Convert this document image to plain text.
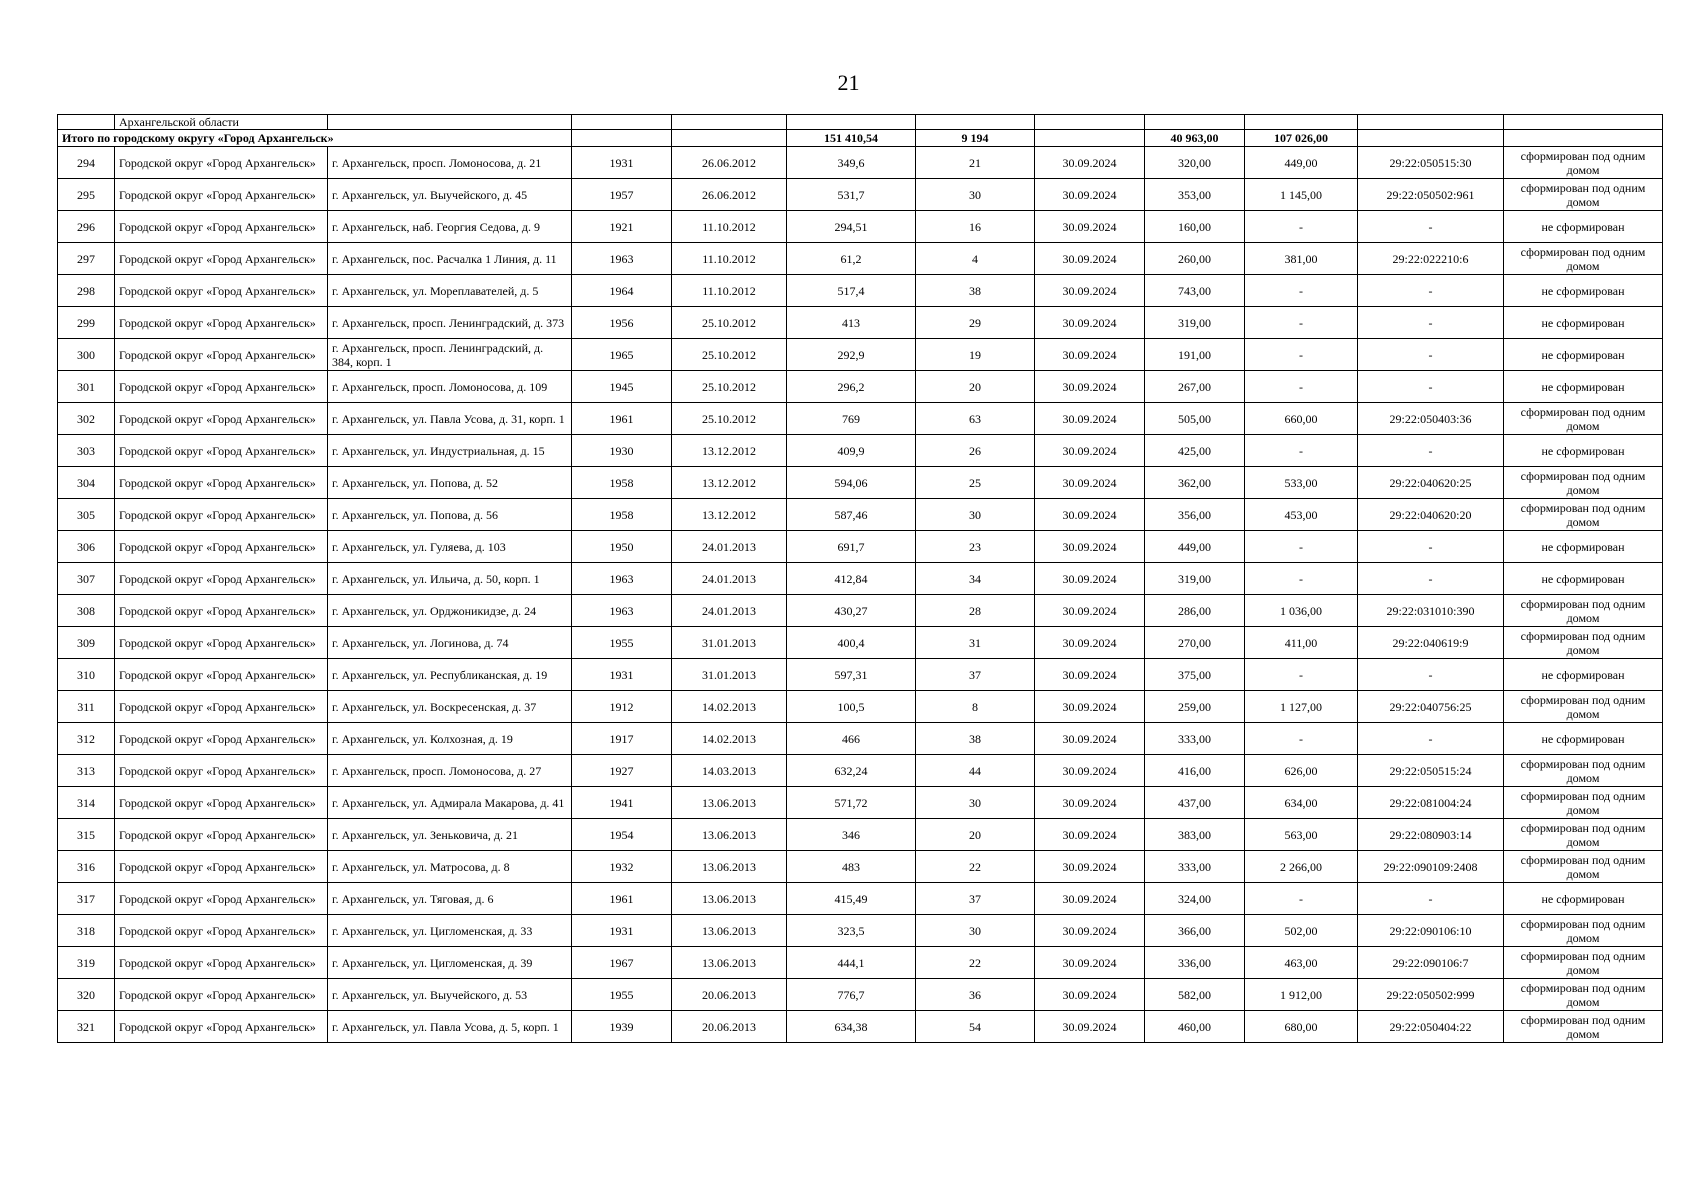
21
	Архангельской области										
Итого по городскому округу «Город Архангельск»					151 410,54	9 194		40 963,00	107 026,00		
294	Городской округ «Город Архангельск»	г. Архангельск, просп. Ломоносова, д. 21	1931	26.06.2012	349,6	21	30.09.2024	320,00	449,00	29:22:050515:30	сформирован под одним домом
295	Городской округ «Город Архангельск»	г. Архангельск, ул. Выучейского, д. 45	1957	26.06.2012	531,7	30	30.09.2024	353,00	1 145,00	29:22:050502:961	сформирован под одним домом
296	Городской округ «Город Архангельск»	г. Архангельск, наб. Георгия Седова, д. 9	1921	11.10.2012	294,51	16	30.09.2024	160,00	-	-	не сформирован
297	Городской округ «Город Архангельск»	г. Архангельск, пос. Расчалка 1 Линия, д. 11	1963	11.10.2012	61,2	4	30.09.2024	260,00	381,00	29:22:022210:6	сформирован под одним домом
298	Городской округ «Город Архангельск»	г. Архангельск, ул. Мореплавателей, д. 5	1964	11.10.2012	517,4	38	30.09.2024	743,00	-	-	не сформирован
299	Городской округ «Город Архангельск»	г. Архангельск, просп. Ленинградский, д. 373	1956	25.10.2012	413	29	30.09.2024	319,00	-	-	не сформирован
300	Городской округ «Город Архангельск»	г. Архангельск, просп. Ленинградский, д. 384, корп. 1	1965	25.10.2012	292,9	19	30.09.2024	191,00	-	-	не сформирован
301	Городской округ «Город Архангельск»	г. Архангельск, просп. Ломоносова, д. 109	1945	25.10.2012	296,2	20	30.09.2024	267,00	-	-	не сформирован
302	Городской округ «Город Архангельск»	г. Архангельск, ул. Павла Усова, д. 31, корп. 1	1961	25.10.2012	769	63	30.09.2024	505,00	660,00	29:22:050403:36	сформирован под одним домом
303	Городской округ «Город Архангельск»	г. Архангельск, ул. Индустриальная, д. 15	1930	13.12.2012	409,9	26	30.09.2024	425,00	-	-	не сформирован
304	Городской округ «Город Архангельск»	г. Архангельск, ул. Попова, д. 52	1958	13.12.2012	594,06	25	30.09.2024	362,00	533,00	29:22:040620:25	сформирован под одним домом
305	Городской округ «Город Архангельск»	г. Архангельск, ул. Попова, д. 56	1958	13.12.2012	587,46	30	30.09.2024	356,00	453,00	29:22:040620:20	сформирован под одним домом
306	Городской округ «Город Архангельск»	г. Архангельск, ул. Гуляева, д. 103	1950	24.01.2013	691,7	23	30.09.2024	449,00	-	-	не сформирован
307	Городской округ «Город Архангельск»	г. Архангельск, ул. Ильича, д. 50, корп. 1	1963	24.01.2013	412,84	34	30.09.2024	319,00	-	-	не сформирован
308	Городской округ «Город Архангельск»	г. Архангельск, ул. Орджоникидзе, д. 24	1963	24.01.2013	430,27	28	30.09.2024	286,00	1 036,00	29:22:031010:390	сформирован под одним домом
309	Городской округ «Город Архангельск»	г. Архангельск, ул. Логинова, д. 74	1955	31.01.2013	400,4	31	30.09.2024	270,00	411,00	29:22:040619:9	сформирован под одним домом
310	Городской округ «Город Архангельск»	г. Архангельск, ул. Республиканская, д. 19	1931	31.01.2013	597,31	37	30.09.2024	375,00	-	-	не сформирован
311	Городской округ «Город Архангельск»	г. Архангельск, ул. Воскресенская, д. 37	1912	14.02.2013	100,5	8	30.09.2024	259,00	1 127,00	29:22:040756:25	сформирован под одним домом
312	Городской округ «Город Архангельск»	г. Архангельск, ул. Колхозная, д. 19	1917	14.02.2013	466	38	30.09.2024	333,00	-	-	не сформирован
313	Городской округ «Город Архангельск»	г. Архангельск, просп. Ломоносова, д. 27	1927	14.03.2013	632,24	44	30.09.2024	416,00	626,00	29:22:050515:24	сформирован под одним домом
314	Городской округ «Город Архангельск»	г. Архангельск, ул. Адмирала Макарова, д. 41	1941	13.06.2013	571,72	30	30.09.2024	437,00	634,00	29:22:081004:24	сформирован под одним домом
315	Городской округ «Город Архангельск»	г. Архангельск, ул. Зеньковича, д. 21	1954	13.06.2013	346	20	30.09.2024	383,00	563,00	29:22:080903:14	сформирован под одним домом
316	Городской округ «Город Архангельск»	г. Архангельск, ул. Матросова, д. 8	1932	13.06.2013	483	22	30.09.2024	333,00	2 266,00	29:22:090109:2408	сформирован под одним домом
317	Городской округ «Город Архангельск»	г. Архангельск, ул. Тяговая, д. 6	1961	13.06.2013	415,49	37	30.09.2024	324,00	-	-	не сформирован
318	Городской округ «Город Архангельск»	г. Архангельск, ул. Цигломенская, д. 33	1931	13.06.2013	323,5	30	30.09.2024	366,00	502,00	29:22:090106:10	сформирован под одним домом
319	Городской округ «Город Архангельск»	г. Архангельск, ул. Цигломенская, д. 39	1967	13.06.2013	444,1	22	30.09.2024	336,00	463,00	29:22:090106:7	сформирован под одним домом
320	Городской округ «Город Архангельск»	г. Архангельск, ул. Выучейского, д. 53	1955	20.06.2013	776,7	36	30.09.2024	582,00	1 912,00	29:22:050502:999	сформирован под одним домом
321	Городской округ «Город Архангельск»	г. Архангельск, ул. Павла Усова, д. 5, корп. 1	1939	20.06.2013	634,38	54	30.09.2024	460,00	680,00	29:22:050404:22	сформирован под одним домом
